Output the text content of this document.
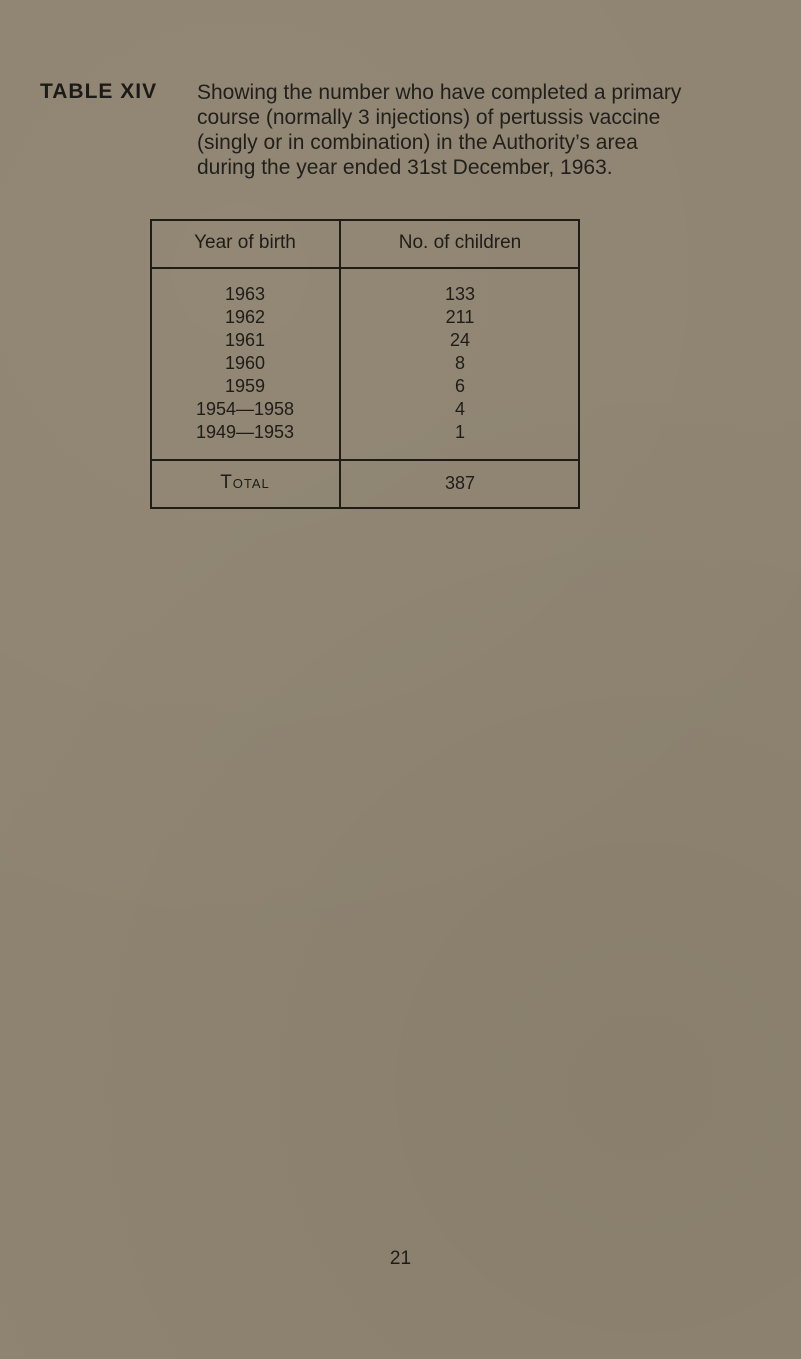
TABLE XIV Showing the number who have completed a primary
course (normally 3 injections) of pertussis vaccine
(singly or in combination) in the Authority’s area
during the year ended 31st December, 1963.
Year of birth	No. of children
1963	133
1962	211
1961	24
1960	8
1959	6
1954—1958	4
1949—1953	1
Total	387
21
